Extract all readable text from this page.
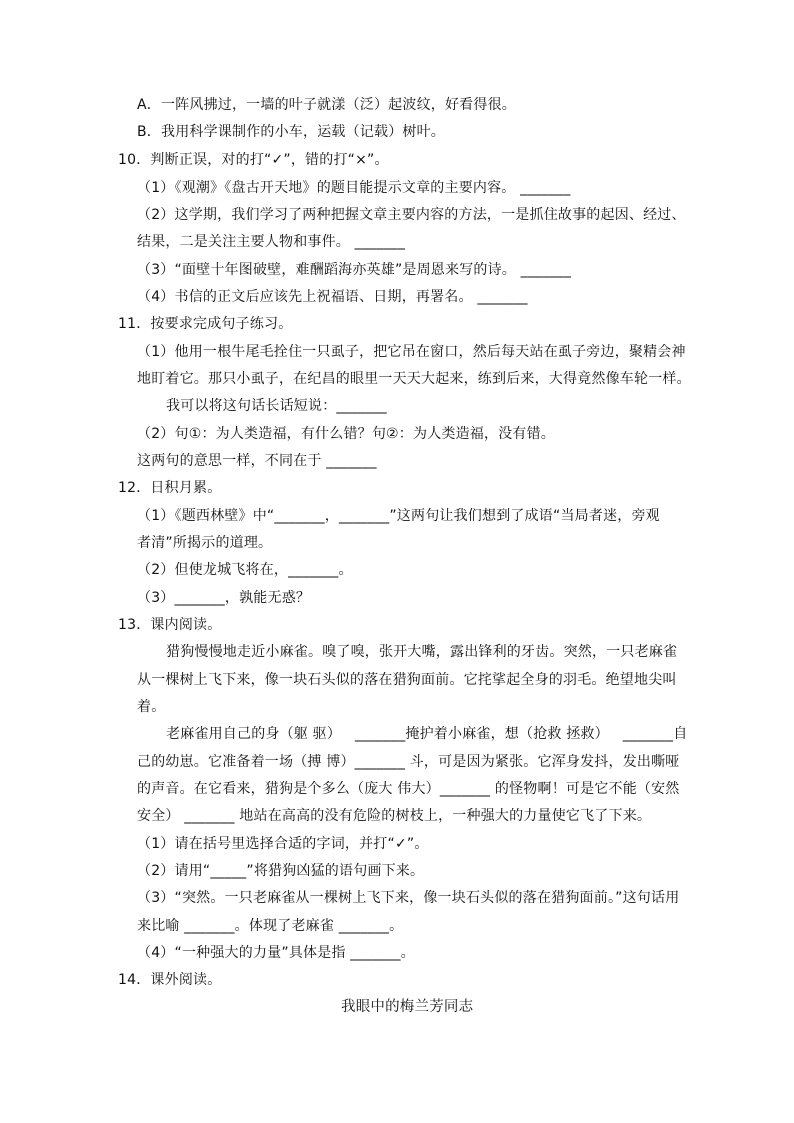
A．一阵风拂过，一墙的叶子就漾（泛）起波纹，好看得很。
B．我用科学课制作的小车，运载（记载）树叶。
10．判断正误，对的打“✓”，错的打“×”。
（1）《观潮》《盘古开天地》的题目能提示文章的主要内容。 _______
（2）这学期，我们学习了两种把握文章主要内容的方法，一是抓住故事的起因、经过、
结果，二是关注主要人物和事件。 _______
（3）“面壁十年图破壁，难酬蹈海亦英雄”是周恩来写的诗。 _______
（4）书信的正文后应该先上祝福语、日期，再署名。 _______
11．按要求完成句子练习。
（1）他用一根牛尾毛拴住一只虱子，把它吊在窗口，然后每天站在虱子旁边，聚精会神
地盯着它。那只小虱子，在纪昌的眼里一天天大起来，练到后来，大得竟然像车轮一样。
我可以将这句话长话短说：_______
（2）句①：为人类造福，有什么错？句②：为人类造福，没有错。
这两句的意思一样，不同在于 _______
12．日积月累。
（1）《题西林壁》中“_______，_______”这两句让我们想到了成语“当局者迷，旁观
者清”所揭示的道理。
（2）但使龙城飞将在，_______。
（3）_______，孰能无惑？
13．课内阅读。
猎狗慢慢地走近小麻雀。嗅了嗅，张开大嘴，露出锋利的牙齿。突然，一只老麻雀
从一棵树上飞下来，像一块石头似的落在猎狗面前。它挓挲起全身的羽毛。绝望地尖叫
着。
老麻雀用自己的身（躯 驱）   _______掩护着小麻雀，想（抢救 拯救）   _______自
己的幼崽。它准备着一场（搏 博）_______ 斗，可是因为紧张。它浑身发抖，发出嘶哑
的声音。在它看来，猎狗是个多么（庞大 伟大）_______ 的怪物啊！可是它不能（安然
安全） _______ 地站在高高的没有危险的树枝上，一种强大的力量使它飞了下来。
（1）请在括号里选择合适的字词，并打“✓”。
（2）请用“_____”将猎狗凶猛的语句画下来。
（3）“突然。一只老麻雀从一棵树上飞下来，像一块石头似的落在猎狗面前。”这句话用
来比喻 _______。体现了老麻雀 _______。
（4）“一种强大的力量”具体是指 _______。
14．课外阅读。
我眼中的梅兰芳同志
